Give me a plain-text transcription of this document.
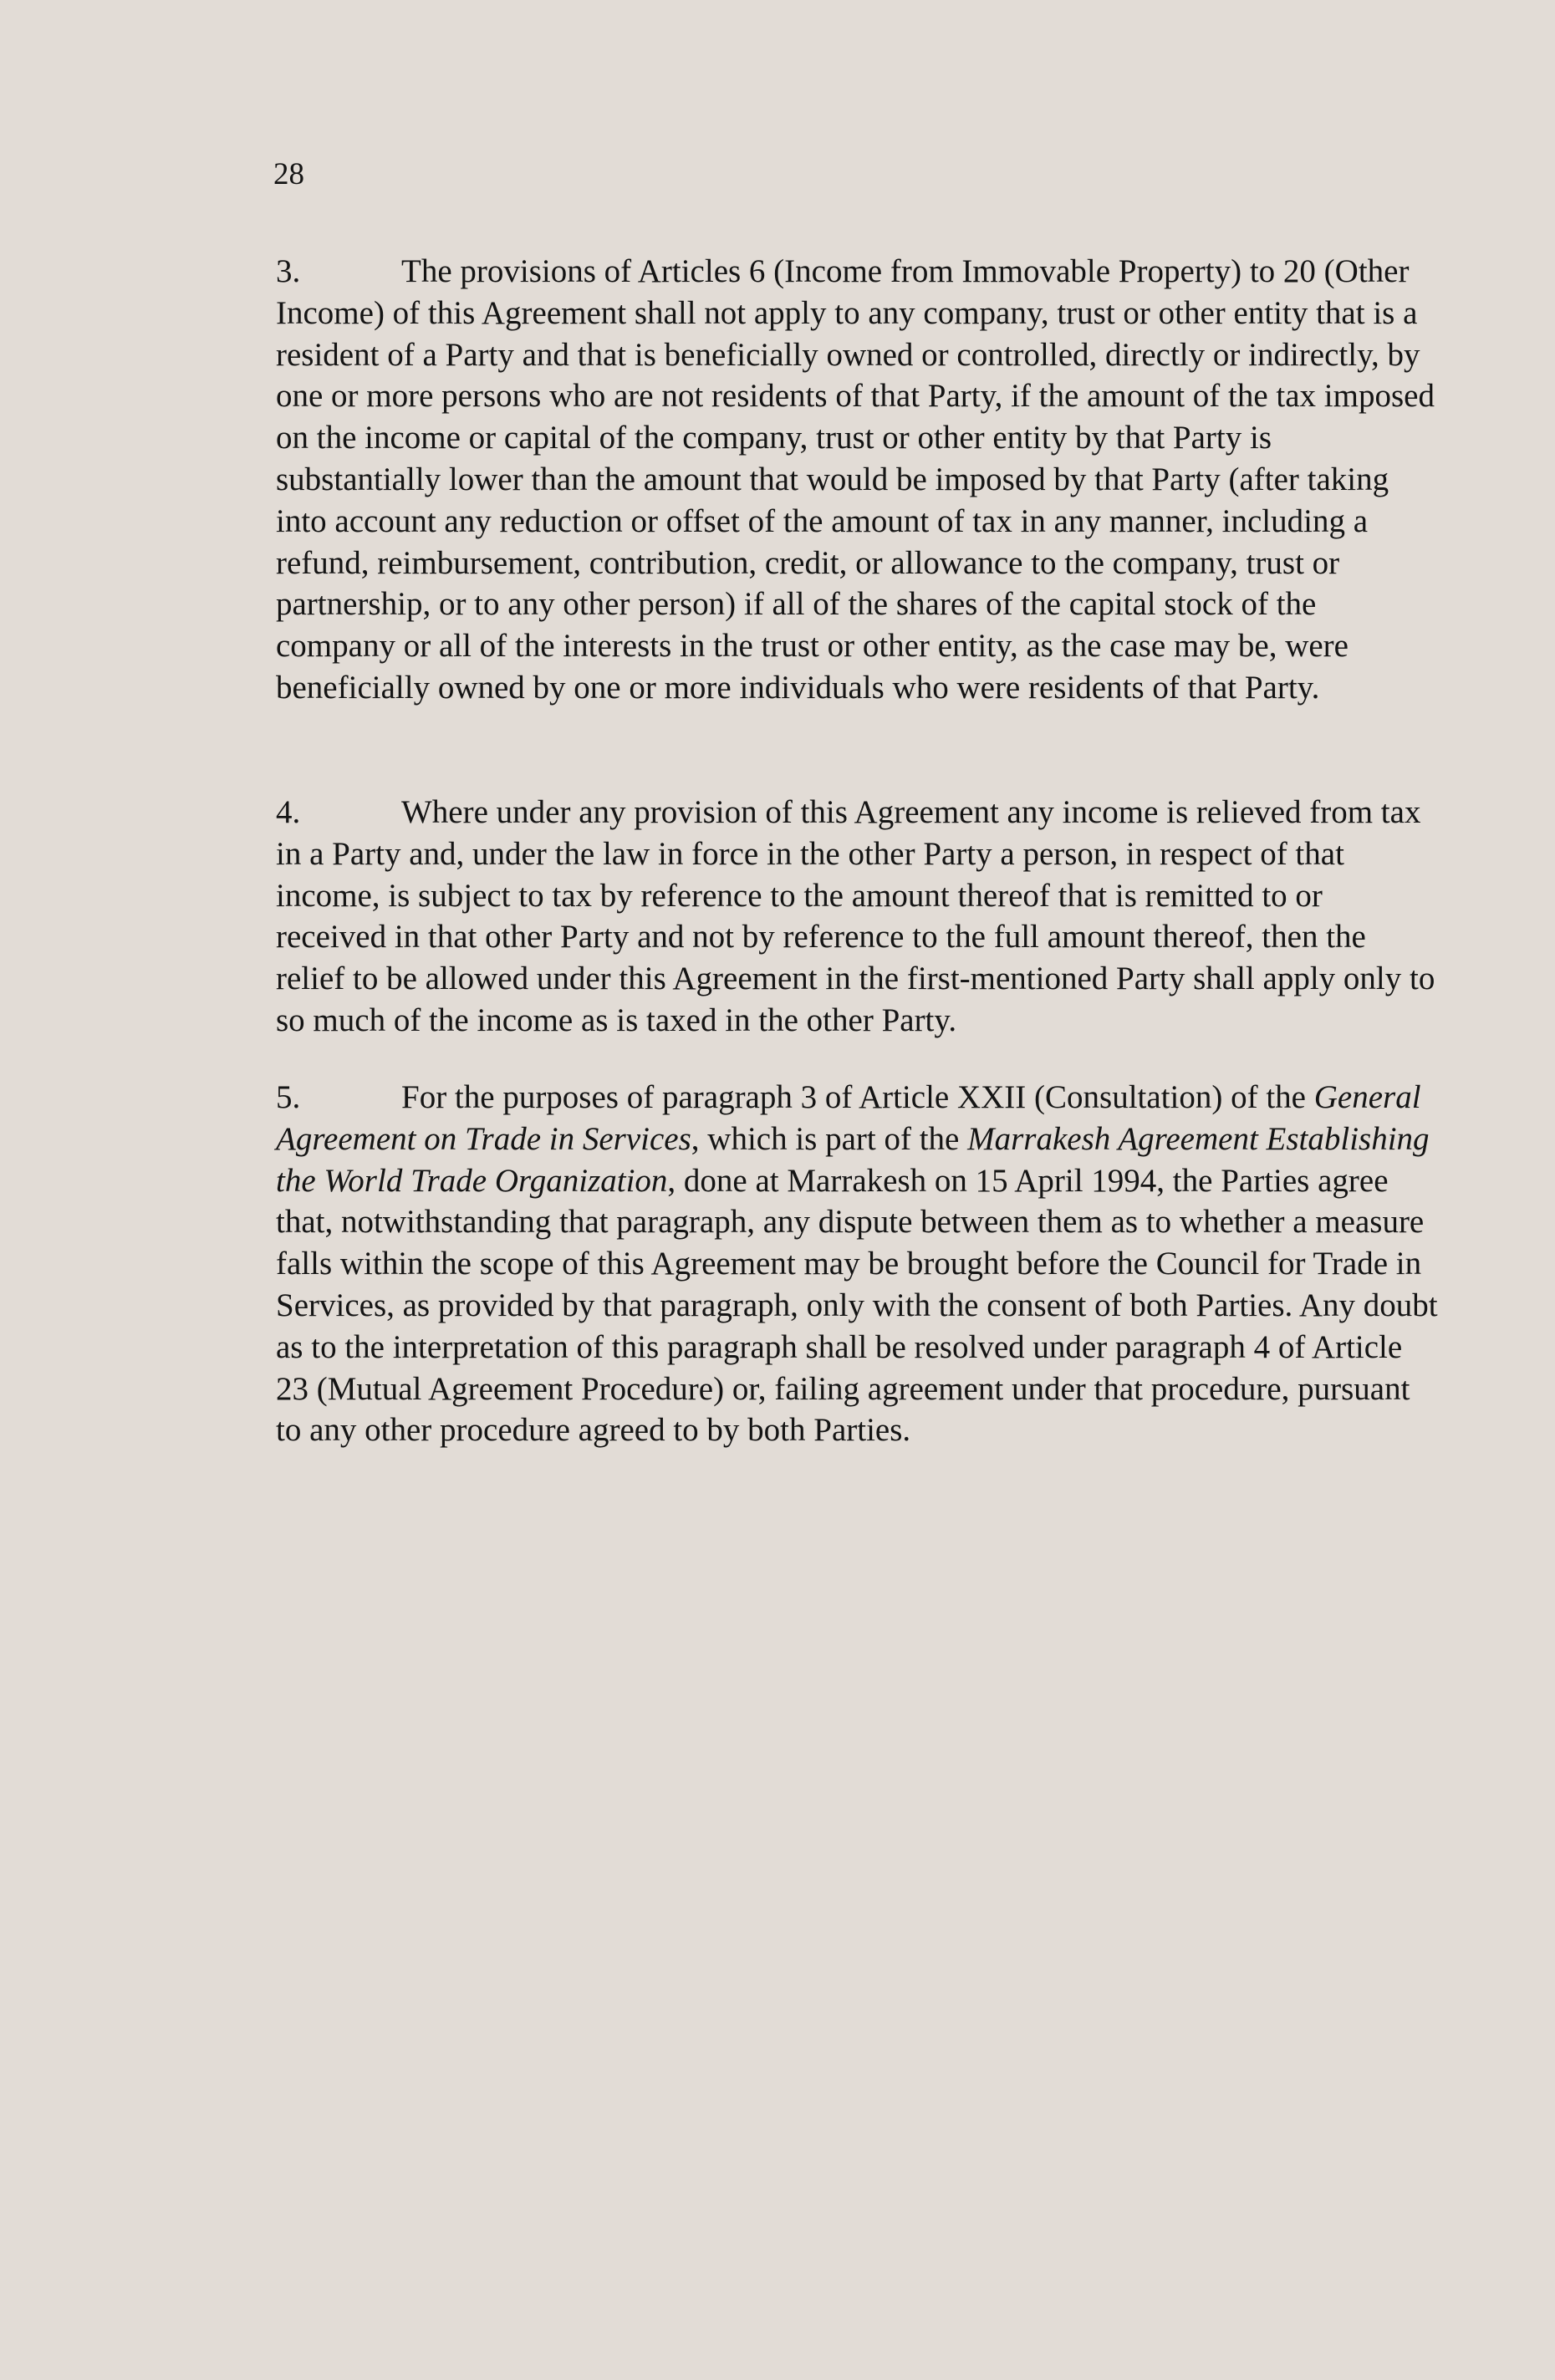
28

3.	The provisions of Articles 6 (Income from Immovable Property) to 20 (Other Income) of this Agreement shall not apply to any company, trust or other entity that is a resident of a Party and that is beneficially owned or controlled, directly or indirectly, by one or more persons who are not residents of that Party, if the amount of the tax imposed on the income or capital of the company, trust or other entity by that Party is substantially lower than the amount that would be imposed by that Party (after taking into account any reduction or offset of the amount of tax in any manner, including a refund, reimbursement, contribution, credit, or allowance to the company, trust or partnership, or to any other person) if all of the shares of the capital stock of the company or all of the interests in the trust or other entity, as the case may be, were beneficially owned by one or more individuals who were residents of that Party.

4.	Where under any provision of this Agreement any income is relieved from tax in a Party and, under the law in force in the other Party a person, in respect of that income, is subject to tax by reference to the amount thereof that is remitted to or received in that other Party and not by reference to the full amount thereof, then the relief to be allowed under this Agreement in the first-mentioned Party shall apply only to so much of the income as is taxed in the other Party.

5.	For the purposes of paragraph 3 of Article XXII (Consultation) of the General Agreement on Trade in Services, which is part of the Marrakesh Agreement Establishing the World Trade Organization, done at Marrakesh on 15 April 1994, the Parties agree that, notwithstanding that paragraph, any dispute between them as to whether a measure falls within the scope of this Agreement may be brought before the Council for Trade in Services, as provided by that paragraph, only with the consent of both Parties. Any doubt as to the interpretation of this paragraph shall be resolved under paragraph 4 of Article 23 (Mutual Agreement Procedure) or, failing agreement under that procedure, pursuant to any other procedure agreed to by both Parties.
